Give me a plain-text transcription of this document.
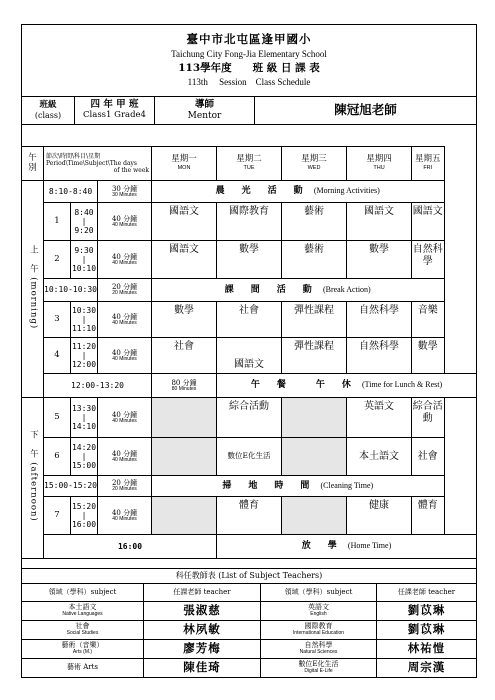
臺中市北屯區逢甲國小
Taichung City Fong-Jia Elementary School
113學年度　　班 級 日 課 表
113th　 Session　Class Schedule
班級
(class)

四 年 甲 班
Class1 Grade4

導師
Mentor	陳冠旭老師
午
別	節次\時間\科目\星期
Period\Time\Subject\The days
of the week			星期一
MON	星期二
TUE	星期三
WED	星期四
THU	星期五
FRI

上　午 (morning)	8:10-8:40		30 分鐘
30 Minutes	晨　光　活　動 (Morning Activities)				
	1	8:40
|
9:20	40 分鐘
40 Minutes	國語文	國際教育	藝術	國語文	國語文
	2	9:30
|
10:10	40 分鐘
40 Minutes	國語文	數學	藝術	數學	自然科學
	10:10-10:30		20 分鐘
20 Minutes	課　間　活　動 (Break Action)				
	3	10:30
|
11:10	40 分鐘
40 Minutes	數學	社會	彈性課程	自然科學	音樂
	4	11:20
|
12:00	40 分鐘
40 Minutes	社會	國語文	彈性課程	自然科學	數學
	12:00-13:20			80 分鐘
80 Minutes	午　餐　　午　休 (Time for Lunch & Rest)			
下　午 (afternoon)	5	13:30
|
14:10	40 分鐘
40 Minutes		綜合活動		英語文	綜合活動
	6	14:20
|
15:00	40 分鐘
40 Minutes		數位E化生活		本土語文	社會
	15:00-15:20		20 分鐘
20 Minutes	掃　地　時　間 (Cleaning Time)				
	7	15:20
|
16:00	40 分鐘
40 Minutes		體育		健康	體育
	16:00				放　學 (Home Time)			
科任教師表 (List of Subject Teachers)			
領域（學科）subject	任課老師 teacher	領域（學科）subject	任課老師 teacher
本土語文
Native Languages	張淑慈	英語文
English	劉苡琳
社會
Social Studies	林夙敏	國際教育
International Education	劉苡琳
藝術（音樂）
Arts (M.)	廖芳梅	自然科學
Natural Sciences	林祐愷
藝術 Arts	陳佳琦	數位E化生活
Digital E-Life	周宗漢
